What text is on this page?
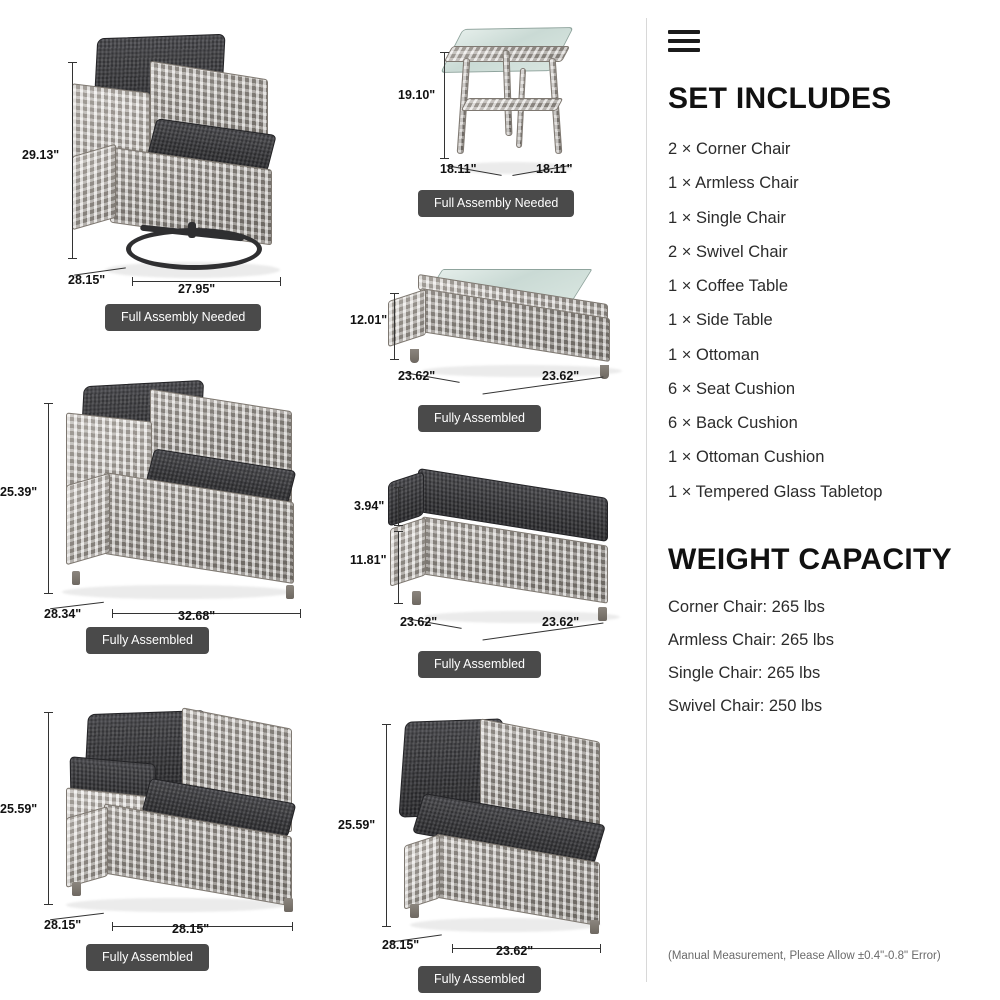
SET INCLUDES
2 × Corner Chair
1 × Armless Chair
1 × Single Chair
2 × Swivel Chair
1 × Coffee Table
1 × Side Table
1 × Ottoman
6 × Seat Cushion
6 × Back Cushion
1 × Ottoman Cushion
1 × Tempered Glass Tabletop
WEIGHT CAPACITY
Corner Chair: 265 lbs
Armless Chair: 265 lbs
Single Chair: 265 lbs
Swivel Chair: 250 lbs
(Manual Measurement, Please Allow ±0.4"-0.8" Error)
29.13"
28.15"
27.95"
Full Assembly Needed
19.10"
18.11"	18.11"
Full Assembly Needed
25.39"
28.34"	32.68"
Fully Assembled
12.01"
23.62"	23.62"
Fully Assembled
25.59"
28.15"	28.15"
Fully Assembled
3.94"
11.81"
23.62"	23.62"
Fully Assembled
25.59"
28.15"	23.62"
Fully Assembled
